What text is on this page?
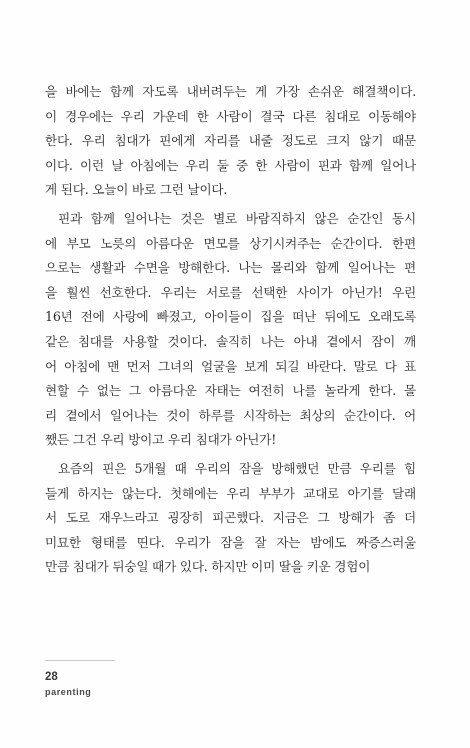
을 바에는 함께 자도록 내버려두는 게 가장 손쉬운 해결책이다.
이 경우에는 우리 가운데 한 사람이 결국 다른 침대로 이동해야
한다. 우리 침대가 핀에게 자리를 내줄 정도로 크지 않기 때문
이다. 이런 날 아침에는 우리 둘 중 한 사람이 핀과 함께 일어나
게 된다. 오늘이 바로 그런 날이다.
핀과 함께 일어나는 것은 별로 바람직하지 않은 순간인 동시
에 부모 노릇의 아름다운 면모를 상기시켜주는 순간이다. 한편
으로는 생활과 수면을 방해한다. 나는 몰리와 함께 일어나는 편
을 훨씬 선호한다. 우리는 서로를 선택한 사이가 아닌가! 우린
16년 전에 사랑에 빠졌고, 아이들이 집을 떠난 뒤에도 오래도록
같은 침대를 사용할 것이다. 솔직히 나는 아내 곁에서 잠이 깨
어 아침에 맨 먼저 그녀의 얼굴을 보게 되길 바란다. 말로 다 표
현할 수 없는 그 아름다운 자태는 여전히 나를 놀라게 한다. 몰
리 곁에서 일어나는 것이 하루를 시작하는 최상의 순간이다. 어
쨌든 그건 우리 방이고 우리 침대가 아닌가!
요즘의 핀은 5개월 때 우리의 잠을 방해했던 만큼 우리를 힘
들게 하지는 않는다. 첫해에는 우리 부부가 교대로 아기를 달래
서 도로 재우느라고 굉장히 피곤했다. 지금은 그 방해가 좀 더
미묘한 형태를 띤다. 우리가 잠을 잘 자는 밤에도 짜증스러울
만큼 침대가 뒤숭일 때가 있다. 하지만 이미 딸을 키운 경험이
28
parenting
